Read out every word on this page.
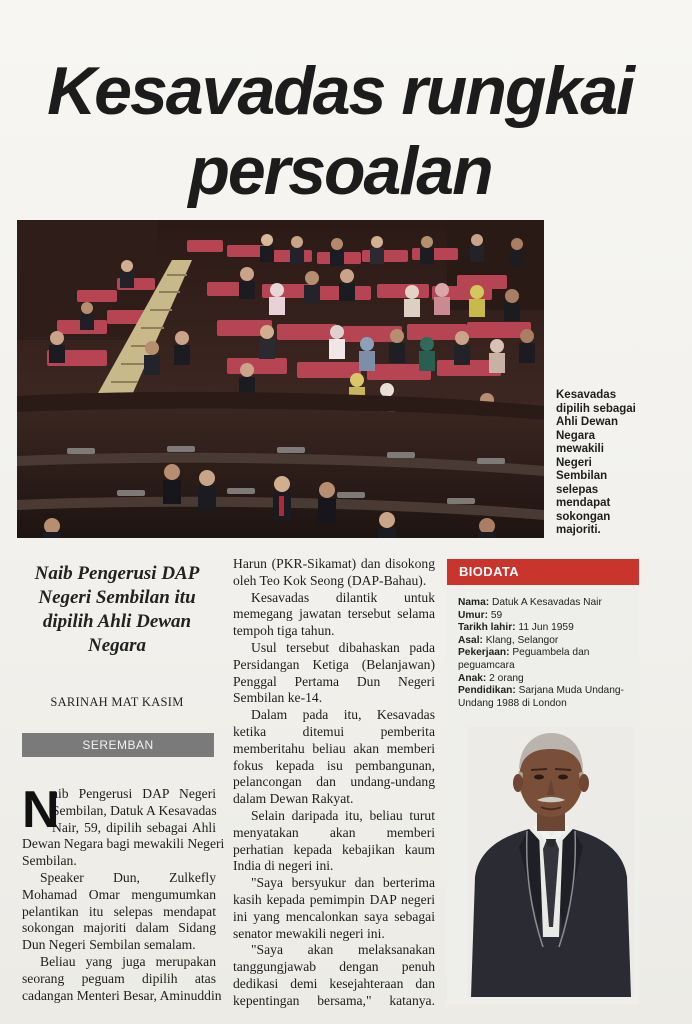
Kesavadas rungkai
persoalan
Kesavadas
dipilih sebagai
Ahli Dewan
Negara
mewakili
Negeri
Sembilan
selepas
mendapat
sokongan
majoriti.
Naib Pengerusi DAP
Negeri Sembilan itu
dipilih Ahli Dewan
Negara
SARINAH MAT KASIM
SEREMBAN
N
aib Pengerusi DAP Negeri
Sembilan, Datuk A Kesavadas
Nair, 59, dipilih sebagai Ahli
Dewan Negara bagi mewakili Negeri
Sembilan.
Speaker Dun, Zulkefly
Mohamad Omar mengumumkan
pelantikan itu selepas mendapat
sokongan majoriti dalam Sidang
Dun Negeri Sembilan semalam.
Beliau yang juga merupakan
seorang peguam dipilih atas
cadangan Menteri Besar, Aminuddin
Harun (PKR-Sikamat) dan disokong
oleh Teo Kok Seong (DAP-Bahau).
Kesavadas dilantik untuk
memegang jawatan tersebut selama
tempoh tiga tahun.
Usul tersebut dibahaskan pada
Persidangan Ketiga (Belanjawan)
Penggal Pertama Dun Negeri
Sembilan ke-14.
Dalam pada itu, Kesavadas
ketika ditemui pemberita
memberitahu beliau akan memberi
fokus kepada isu pembangunan,
pelancongan dan undang-undang
dalam Dewan Rakyat.
Selain daripada itu, beliau turut
menyatakan akan memberi
perhatian kepada kebajikan kaum
India di negeri ini.
"Saya bersyukur dan berterima
kasih kepada pemimpin DAP negeri
ini yang mencalonkan saya sebagai
senator mewakili negeri ini.
"Saya akan melaksanakan
tanggungjawab dengan penuh
dedikasi demi kesejahteraan dan
kepentingan bersama," katanya.
BIODATA
Nama: Datuk A Kesavadas Nair
Umur: 59
Tarikh lahir: 11 Jun 1959
Asal: Klang, Selangor
Pekerjaan: Peguambela dan
peguamcara
Anak: 2 orang
Pendidikan: Sarjana Muda Undang-
Undang 1988 di London
